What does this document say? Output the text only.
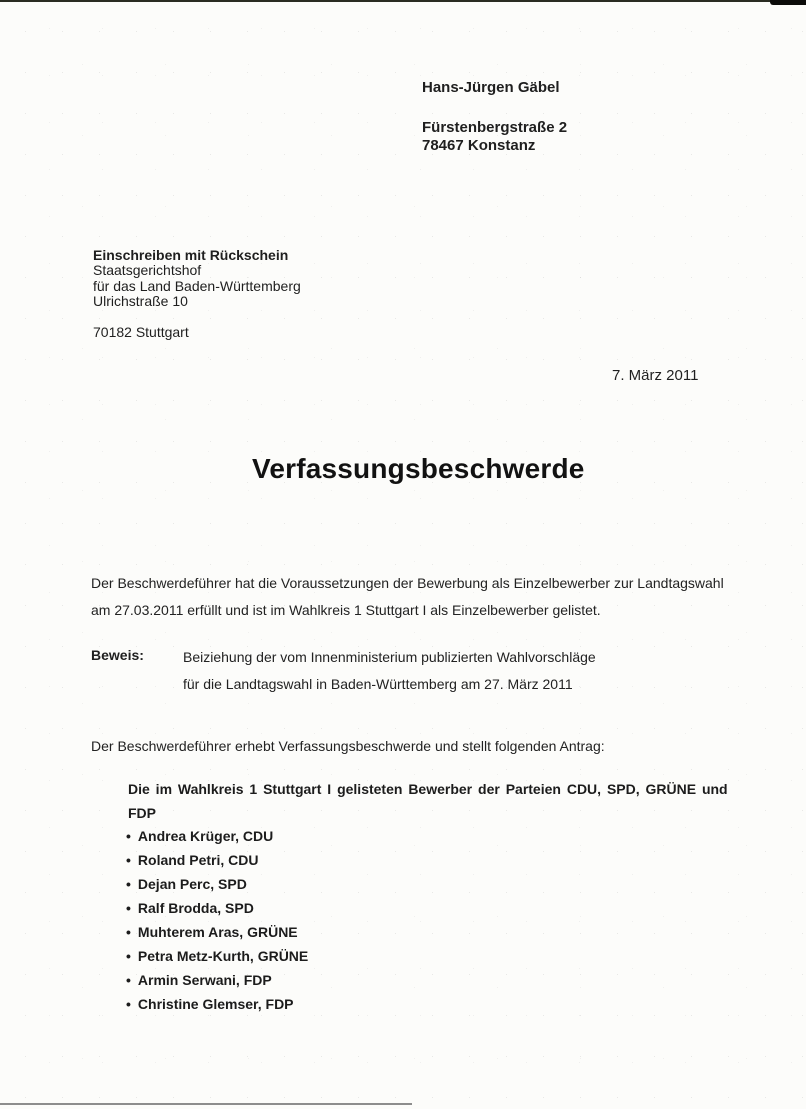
Hans-Jürgen Gäbel
Fürstenbergstraße 2
78467 Konstanz
Einschreiben mit Rückschein
Staatsgerichtshof
für das Land Baden-Württemberg
Ulrichstraße 10
70182 Stuttgart
7. März 2011
Verfassungsbeschwerde
Der Beschwerdeführer hat die Voraussetzungen der Bewerbung als Einzelbewerber zur Landtagswahl
am 27.03.2011 erfüllt und ist im Wahlkreis 1 Stuttgart I als Einzelbewerber gelistet.
Beweis:	Beiziehung der vom Innenministerium publizierten Wahlvorschläge
für die Landtagswahl in Baden-Württemberg am 27. März 2011
Der Beschwerdeführer erhebt Verfassungsbeschwerde und stellt folgenden Antrag:
Die im Wahlkreis 1 Stuttgart I gelisteten Bewerber der Parteien CDU, SPD, GRÜNE und
FDP
• Andrea Krüger, CDU
• Roland Petri, CDU
• Dejan Perc, SPD
• Ralf Brodda, SPD
• Muhterem Aras, GRÜNE
• Petra Metz-Kurth, GRÜNE
• Armin Serwani, FDP
• Christine Glemser, FDP
